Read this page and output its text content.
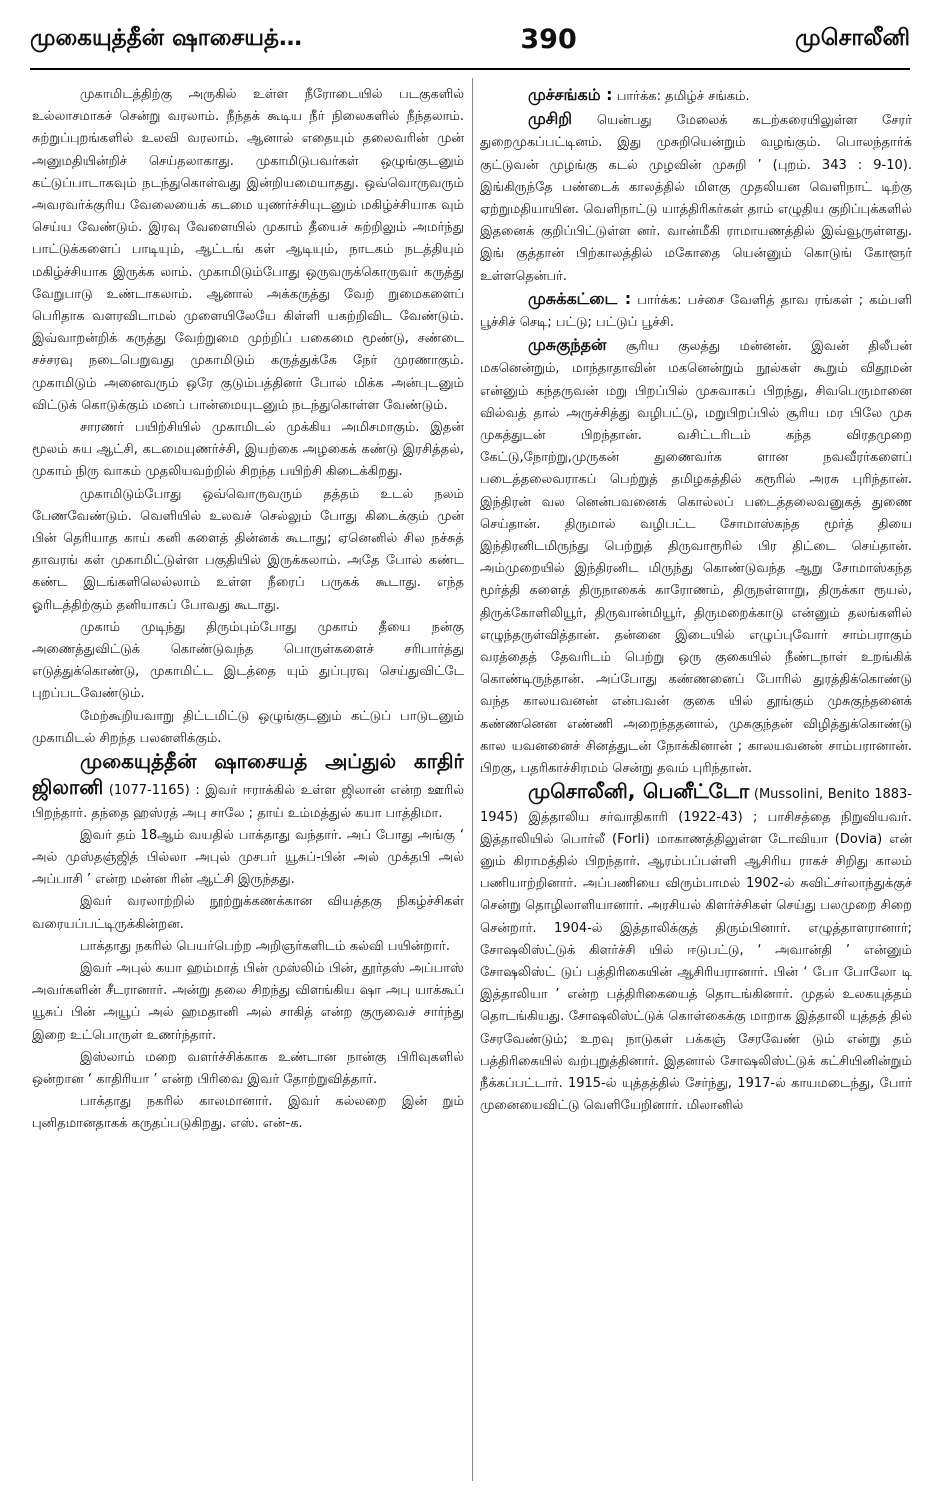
முகையுத்தீன் ஷாசையத்…	390	முசொலீனி

முகாமிடத்திற்கு அருகில் உள்ள நீரோடையில் படகுகளில் உல்லாசமாகச் சென்று வரலாம். நீந்தக் கூடிய நீர் நிலைகளில் நீந்தலாம். சுற்றுப்புறங்களில் உலவி வரலாம். ஆனால் எதையும் தலைவரின் முன் அனுமதியின்றிச் செய்தலாகாது. முகாமிடுபவர்கள் ஒழுங்குடனும் கட்டுப்பாடாகவும் நடந்துகொள்வது இன்றியமையாதது. ஒவ்வொருவரும் அவரவர்க்குரிய வேலையைக் கடமை யுணர்ச்சியுடனும் மகிழ்ச்சியாக வும் செய்ய வேண்டும். இரவு வேளையில் முகாம் தீயைச் சுற்றிலும் அமர்ந்து பாட்டுக்களைப் பாடியும், ஆட்டங் கள் ஆடியும், நாடகம் நடத்தியும் மகிழ்ச்சியாக இருக்க லாம். முகாமிடும்போது ஒருவருக்கொருவர் கருத்து வேறுபாடு உண்டாகலாம். ஆனால் அக்கருத்து வேற் றுமைகளைப் பெரிதாக வளரவிடாமல் முளையிலேயே கிள்ளி யகற்றிவிட வேண்டும். இவ்வாறன்றிக் கருத்து வேற்றுமை முற்றிப் பகைமை மூண்டு, சண்டை சச்சரவு நடைபெறுவது முகாமிடும் கருத்துக்கே நேர் முரணாகும். முகாமிடும் அனைவரும் ஒரே குடும்பத்தினர் போல் மிக்க அன்புடனும் விட்டுக் கொடுக்கும் மனப் பான்மையுடனும் நடந்துகொள்ள வேண்டும்.

சாரணர் பயிற்சியில் முகாமிடல் முக்கிய அமிசமாகும். இதன் மூலம் சுய ஆட்சி, கடமையுணர்ச்சி, இயற்கை அழகைக் கண்டு இரசித்தல், முகாம் நிரு வாகம் முதலியவற்றில் சிறந்த பயிற்சி கிடைக்கிறது.

முகாமிடும்போது ஒவ்வொருவரும் தத்தம் உடல் நலம் பேணவேண்டும். வெளியில் உலவச் செல்லும் போது கிடைக்கும் முன் பின் தெரியாத காய் கனி களைத் தின்னக் கூடாது; ஏனெனில் சில நச்சுத் தாவரங் கள் முகாமிட்டுள்ள பகுதியில் இருக்கலாம். அதே போல் கண்ட கண்ட இடங்களிலெல்லாம் உள்ள நீரைப் பருகக் கூடாது. எந்த ஓரிடத்திற்கும் தனியாகப் போவது கூடாது.

முகாம் முடிந்து திரும்பும்போது முகாம் தீயை நன்கு அணைத்துவிட்டுக் கொண்டுவந்த பொருள்களைச் சரிபார்த்து எடுத்துக்கொண்டு, முகாமிட்ட இடத்தை யும் துப்புரவு செய்துவிட்டே புறப்படவேண்டும்.

மேற்கூறியவாறு திட்டமிட்டு ஒழுங்குடனும் கட்டுப் பாடுடனும் முகாமிடல் சிறந்த பலனளிக்கும்.

முகையுத்தீன் ஷாசையத் அப்துல் காதிர் ஜிலானி (1077-1165) : இவர் ஈராக்கில் உள்ள ஜிலான் என்ற ஊரில் பிறந்தார். தந்தை ஹஸ்ரத் அபு சாலே ; தாய் உம்மத்துல் கயா பாத்திமா.

இவர் தம் 18ஆம் வயதில் பாக்தாது வந்தார். அப் போது அங்கு ‘ அல் முஸ்தஞ்ஜித் பில்லா அபுல் முசபர் யூசுப்-பின் அல் முக்தபி அல் அப்பாசி ’ என்ற மன்ன ரின் ஆட்சி இருந்தது.

இவர் வரலாற்றில் நூற்றுக்கணக்கான வியத்தகு நிகழ்ச்சிகள் வரையப்பட்டிருக்கின்றன.

பாக்தாது நகரில் பெயர்பெற்ற அறிஞர்களிடம் கல்வி பயின்றார்.

இவர் அபுல் கயா ஹம்மாத் பின் முஸ்லிம் பின், தூர்தஸ் அப்பாஸ் அவர்களின் சீடரானார். அன்று தலை சிறந்து விளங்கிய ஷா அபு யாக்கூப் யூசுப் பின் அயூப் அல் ஹமதானி அல் சாகித் என்ற குருவைச் சார்ந்து இறை உட்பொருள் உணர்ந்தார்.

இஸ்லாம் மறை வளர்ச்சிக்காக உண்டான நான்கு பிரிவுகளில் ஒன்றான ‘ காதிரியா ’ என்ற பிரிவை இவர் தோற்றுவித்தார்.

பாக்தாது நகரில் காலமானார். இவர் கல்லறை இன் றும் புனிதமானதாகக் கருதப்படுகிறது. எஸ். என்-க.

முச்சங்கம் : பார்க்க: தமிழ்ச் சங்கம்.

முசிறி யென்பது மேலைக் கடற்கரையிலுள்ள சேரர் துறைமுகப்பட்டினம். இது முசுறியென்றும் வழங்கும். பொலந்தார்க் குட்டுவன் முழங்கு கடல் முழவின் முசுறி ’ (புறம். 343 : 9-10). இங்கிருந்தே பண்டைக் காலத்தில் மிளகு முதலியன வெளிநாட் டிற்கு ஏற்றுமதியாயின. வெளிநாட்டு யாத்திரிகர்கள் தாம் எழுதிய குறிப்புக்களில் இதனைக் குறிப்பிட்டுள்ள னர். வான்மீகி ராமாயணத்தில் இவ்வூருள்ளது. இங் குத்தான் பிற்காலத்தில் மகோதை யென்னும் கொடுங் கோளூர் உள்ளதென்பர்.

முசுக்கட்டை : பார்க்க: பச்சை வேளித் தாவ ரங்கள் ; கம்பளி பூச்சிச் செடி; பட்டு; பட்டுப் பூச்சி.

முசுகுந்தன் சூரிய குலத்து மன்னன். இவன் திலீபன் மகனென்றும், மாந்தாதாவின் மகனென்றும் நூல்கள் கூறும் விதூமன் என்னும் கந்தருவன் மறு பிறப்பில் முசுவாகப் பிறந்து, சிவபெருமானை வில்வத் தால் அருச்சித்து வழிபட்டு, மறுபிறப்பில் சூரிய மர பிலே முசு முகத்துடன் பிறந்தான். வசிட்டரிடம் கந்த விரதமுறை கேட்டு,நோற்று,முருகன் துணைவர்க ளான நவவீரர்களைப் படைத்தலைவராகப் பெற்றுத் தமிழகத்தில் கரூரில் அரசு புரிந்தான். இந்திரன் வல னென்பவனைக் கொல்லப் படைத்தலைவனுகத் துணை செய்தான். திருமால் வழிபட்ட சோமாஸ்கந்த மூர்த் தியை இந்திரனிடமிருந்து பெற்றுத் திருவாரூரில் பிர திட்டை செய்தான். அம்முறையில் இந்திரனிட மிருந்து கொண்டுவந்த ஆறு சோமாஸ்கந்த மூர்த்தி களைத் திருநாகைக் காரோணம், திருநள்ளாறு, திருக்கா ரூயல், திருக்கோளிலியூர், திருவான்மியூர், திருமறைக்காடு என்னும் தலங்களில் எழுந்தருள்வித்தான். தன்னை இடையில் எழுப்புவோர் சாம்பராகும் வரத்தைத் தேவரிடம் பெற்று ஒரு குகையில் நீண்டநாள் உறங்கிக் கொண்டிருந்தான். அப்போது கண்ணனைப் போரில் துரத்திக்கொண்டு வந்த காலயவனன் என்பவன் குகை யில் தூங்கும் முசுகுந்தனைக் கண்ணனென எண்ணி அறைந்ததனால், முசுகுந்தன் விழித்துக்கொண்டு கால யவனனைச் சினத்துடன் நோக்கினான் ; காலயவனன் சாம்பரானான். பிறகு, பதரிகாச்சிரமம் சென்று தவம் புரிந்தான்.

முசொலீனி, பெனீட்டோ (Mussolini, Benito 1883-1945) இத்தாலிய சர்வாதிகாரி (1922-43) ; பாசிசத்தை நிறுவியவர். இத்தாலியில் பொர்லீ (Forli) மாகாணத்திலுள்ள டோவியா (Dovia) என் னும் கிராமத்தில் பிறந்தார். ஆரம்பப்பள்ளி ஆசிரிய ராகச் சிறிது காலம் பணியாற்றினார். அப்பணியை விரும்பாமல் 1902-ல் சுவிட்சர்லாந்துக்குச் சென்று தொழிலாளியானார். அரசியல் கிளர்ச்சிகள் செய்து பலமுறை சிறை சென்றார். 1904-ல் இத்தாலிக்குத் திரும்பினார். எழுத்தாளரானார்; சோஷலிஸ்ட்டுக் கிளர்ச்சி யில் ஈடுபட்டு, ‘ அவான்தி ’ என்னும் சோஷலிஸ்ட் டுப் பத்திரிகையின் ஆசிரியரானார். பின் ‘ போ போலோ டி இத்தாலியா ’ என்ற பத்திரிகையைத் தொடங்கினார். முதல் உலகயுத்தம் தொடங்கியது. சோஷலிஸ்ட்டுக் கொள்கைக்கு மாறாக இத்தாலி யுத்தத் தில் சேரவேண்டும்; உறவு நாடுகள் பக்கஞ் சேரவேண் டும் என்று தம் பத்திரிகையில் வற்புறுத்தினார். இதனால் சோஷலிஸ்ட்டுக் கட்சியினின்றும் நீக்கப்பட்டார். 1915-ல் யுத்தத்தில் சேர்ந்து, 1917-ல் காயமடைந்து, போர் முனையைவிட்டு வெளியேறினார். மிலானில்
